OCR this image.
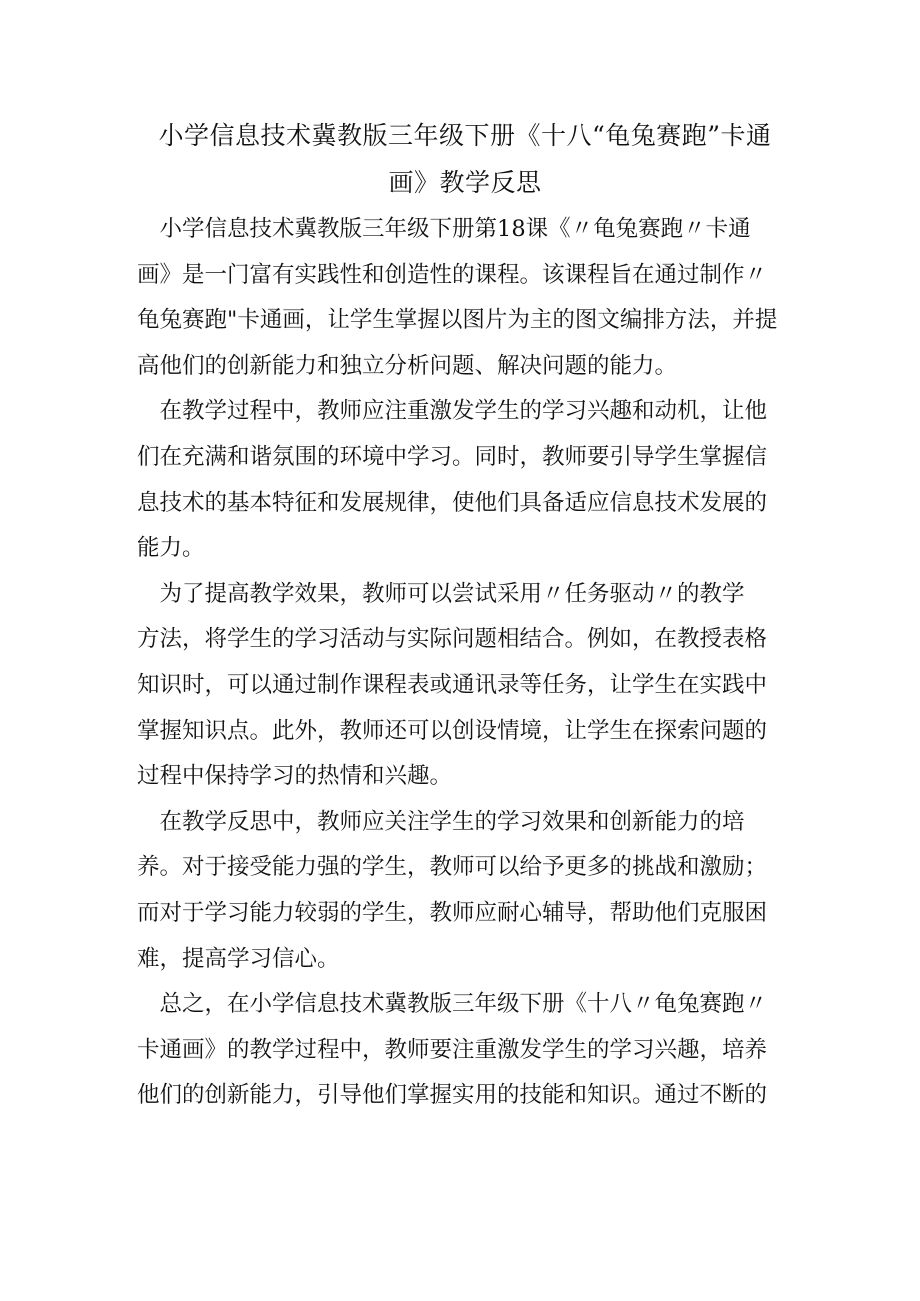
小学信息技术冀教版三年级下册《十八“龟兔赛跑”卡通
画》教学反思

　小学信息技术冀教版三年级下册第18课《〃龟兔赛跑〃卡通
画》是一门富有实践性和创造性的课程。该课程旨在通过制作〃
龟兔赛跑"卡通画，让学生掌握以图片为主的图文编排方法，并提
高他们的创新能力和独立分析问题、解决问题的能力。

　在教学过程中，教师应注重激发学生的学习兴趣和动机，让他
们在充满和谐氛围的环境中学习。同时，教师要引导学生掌握信
息技术的基本特征和发展规律，使他们具备适应信息技术发展的
能力。

　为了提高教学效果，教师可以尝试采用〃任务驱动〃的教学
方法，将学生的学习活动与实际问题相结合。例如，在教授表格
知识时，可以通过制作课程表或通讯录等任务，让学生在实践中
掌握知识点。此外，教师还可以创设情境，让学生在探索问题的
过程中保持学习的热情和兴趣。

　在教学反思中，教师应关注学生的学习效果和创新能力的培
养。对于接受能力强的学生，教师可以给予更多的挑战和激励；
而对于学习能力较弱的学生，教师应耐心辅导，帮助他们克服困
难，提高学习信心。

　总之，在小学信息技术冀教版三年级下册《十八〃龟兔赛跑〃
卡通画》的教学过程中，教师要注重激发学生的学习兴趣，培养
他们的创新能力，引导他们掌握实用的技能和知识。通过不断的
